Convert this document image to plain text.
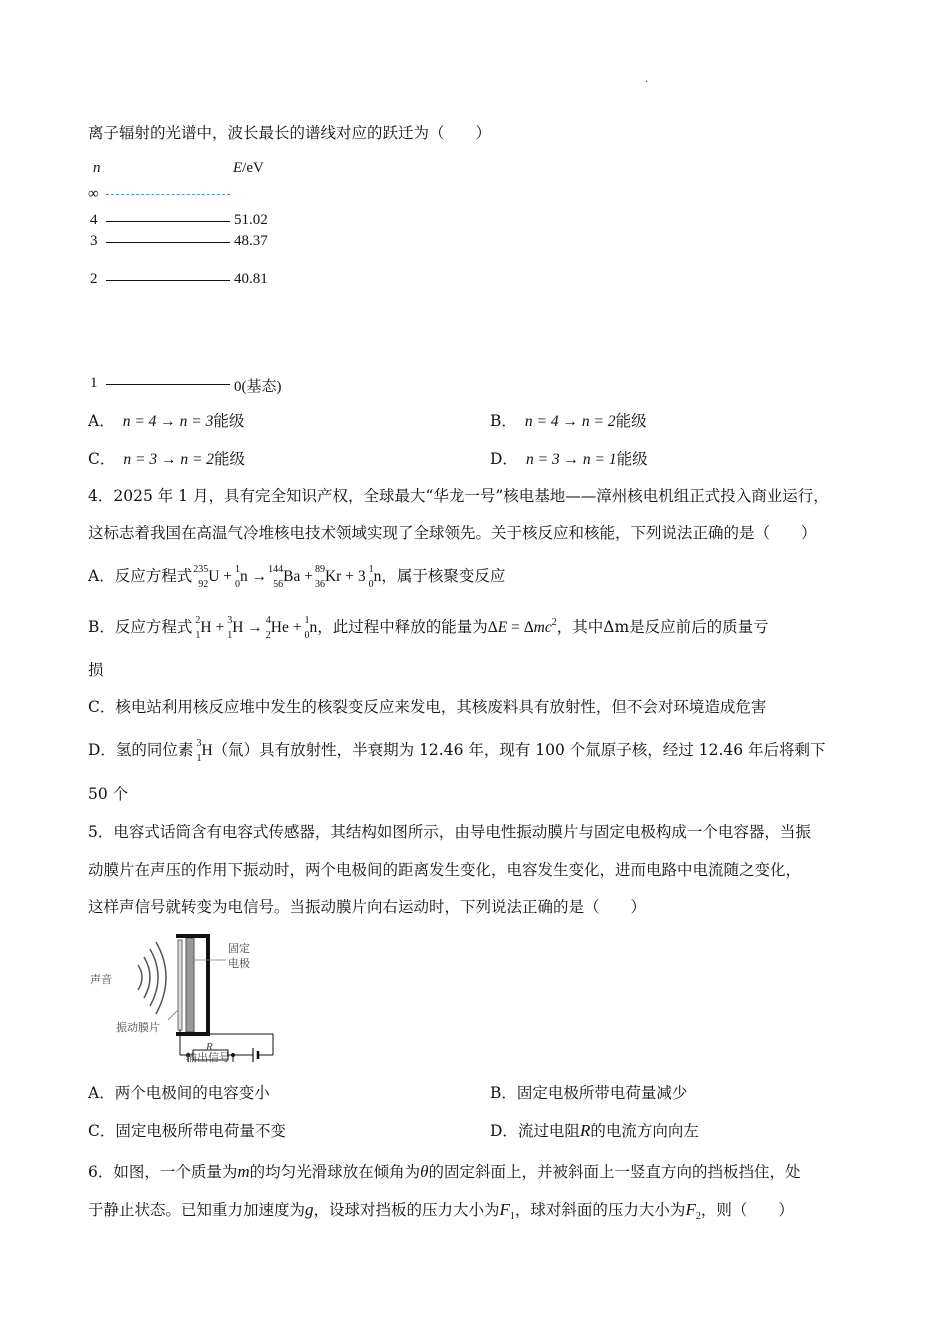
.
离子辐射的光谱中，波长最长的谱线对应的跃迁为（　　）
n	E/eV
∞
4	51.02
3	48.37
2	40.81
1	0(基态)
A． n = 4 → n = 3能级	B． n = 4 → n = 2能级
C． n = 3 → n = 2能级	D． n = 3 → n = 1能级
4．2025 年 1 月，具有完全知识产权，全球最大“华龙一号”核电基地——漳州核电机组正式投入商业运行，
这标志着我国在高温气冷堆核电技术领域实现了全球领先。关于核反应和核能，下列说法正确的是（　　）
A．反应方程式 235
92 U + 1
0 n → 144
56 Ba + 89
36 Kr + 3 1
0 n，属于核聚变反应
B．反应方程式 2
1 H + 3
1 H → 4
2 He + 1
0 n，此过程中释放的能量为ΔE = Δmc$^2$，其中Δm是反应前后的质量亏
损
C．核电站利用核反应堆中发生的核裂变反应来发电，其核废料具有放射性，但不会对环境造成危害
D．氢的同位素 3
1 H（氚）具有放射性，半衰期为 12.46 年，现有 100 个氚原子核，经过 12.46 年后将剩下
50 个
5．电容式话筒含有电容式传感器，其结构如图所示，由导电性振动膜片与固定电极构成一个电容器，当振
动膜片在声压的作用下振动时，两个电极间的距离发生变化，电容发生变化，进而电路中电流随之变化，
这样声信号就转变为电信号。当振动膜片向右运动时，下列说法正确的是（　　）
声音
固定
电极
振动膜片
R
输出信号
A．两个电极间的电容变小	B．固定电极所带电荷量减少
C．固定电极所带电荷量不变	D．流过电阻R的电流方向向左
6．如图，一个质量为m的均匀光滑球放在倾角为θ的固定斜面上，并被斜面上一竖直方向的挡板挡住，处
于静止状态。已知重力加速度为g，设球对挡板的压力大小为$F_1$，球对斜面的压力大小为$F_2$，则（　　）
